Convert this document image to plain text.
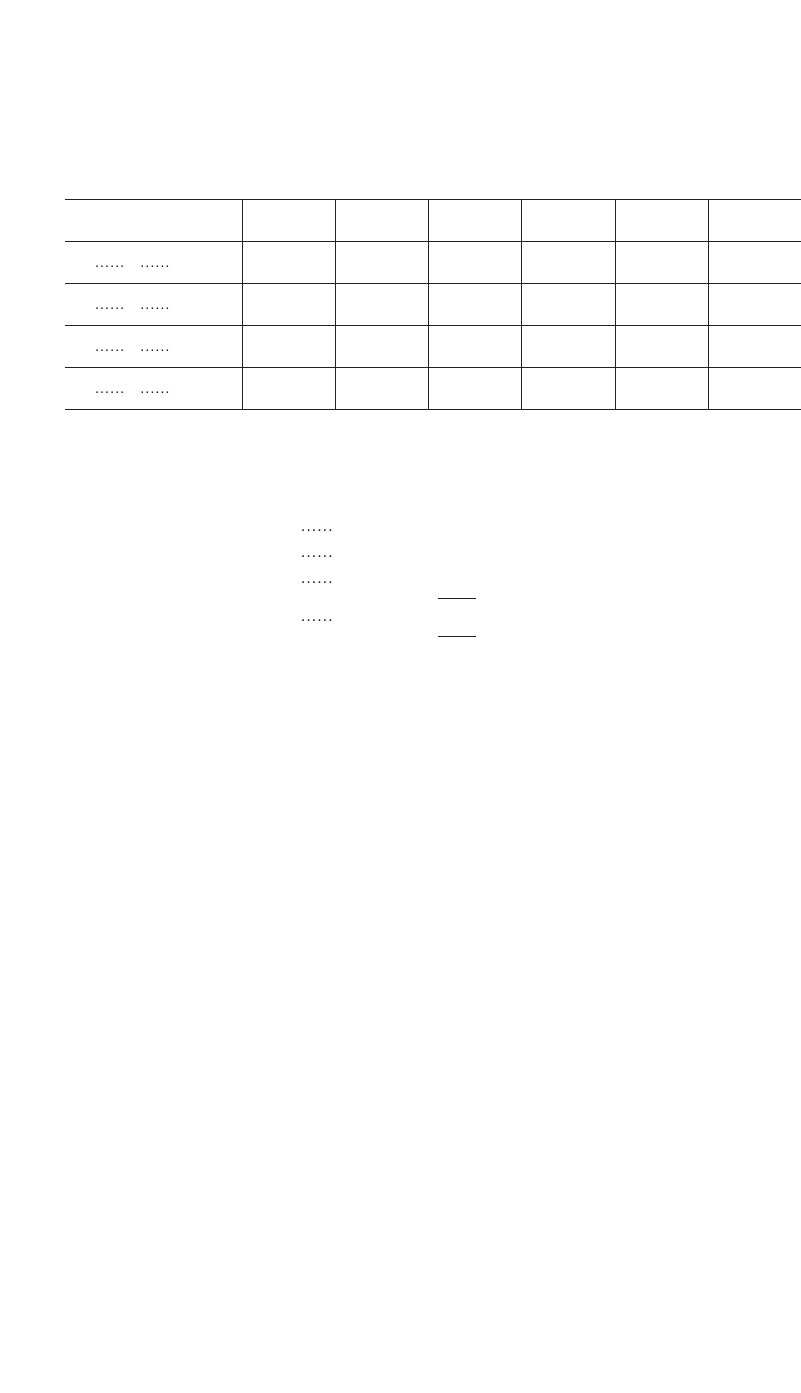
......   ......						
......   ......						
......   ......						
......   ......						
......
......
......
......
